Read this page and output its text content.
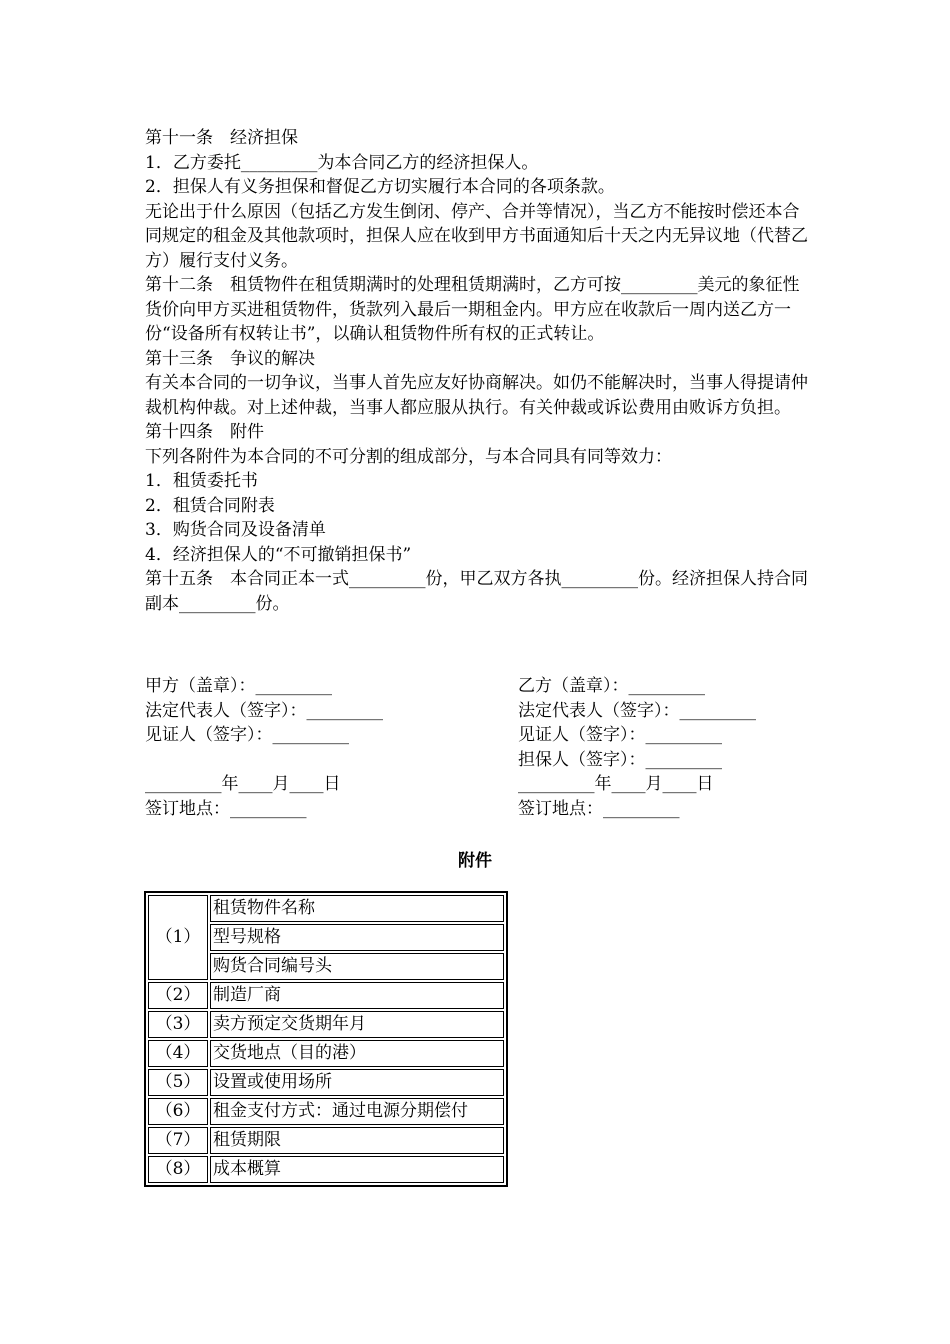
第十一条　经济担保

1．乙方委托_________为本合同乙方的经济担保人。

2．担保人有义务担保和督促乙方切实履行本合同的各项条款。

无论出于什么原因（包括乙方发生倒闭、停产、合并等情况），当乙方不能按时偿还本合同规定的租金及其他款项时，担保人应在收到甲方书面通知后十天之内无异议地（代替乙方）履行支付义务。

第十二条　租赁物件在租赁期满时的处理租赁期满时，乙方可按_________美元的象征性货价向甲方买进租赁物件，货款列入最后一期租金内。甲方应在收款后一周内送乙方一份“设备所有权转让书”，以确认租赁物件所有权的正式转让。

第十三条　争议的解决

有关本合同的一切争议，当事人首先应友好协商解决。如仍不能解决时，当事人得提请仲裁机构仲裁。对上述仲裁，当事人都应服从执行。有关仲裁或诉讼费用由败诉方负担。

第十四条　附件

下列各附件为本合同的不可分割的组成部分，与本合同具有同等效力：

1．租赁委托书

2．租赁合同附表

3．购货合同及设备清单

4．经济担保人的“不可撤销担保书”

第十五条　本合同正本一式_________份，甲乙双方各执_________份。经济担保人持合同副本_________份。

甲方（盖章）：_________
法定代表人（签字）：_________
见证人（签字）：_________

_________年____月____日
签订地点：_________
乙方（盖章）：_________
法定代表人（签字）：_________
见证人（签字）：_________
担保人（签字）：_________
_________年____月____日
签订地点：_________
附件
（1）	租赁物件名称
	型号规格
	购货合同编号头
（2）	制造厂商
（3）	卖方预定交货期年月
（4）	交货地点（目的港）
（5）	设置或使用场所
（6）	租金支付方式：通过电源分期偿付
（7）	租赁期限
（8）	成本概算
